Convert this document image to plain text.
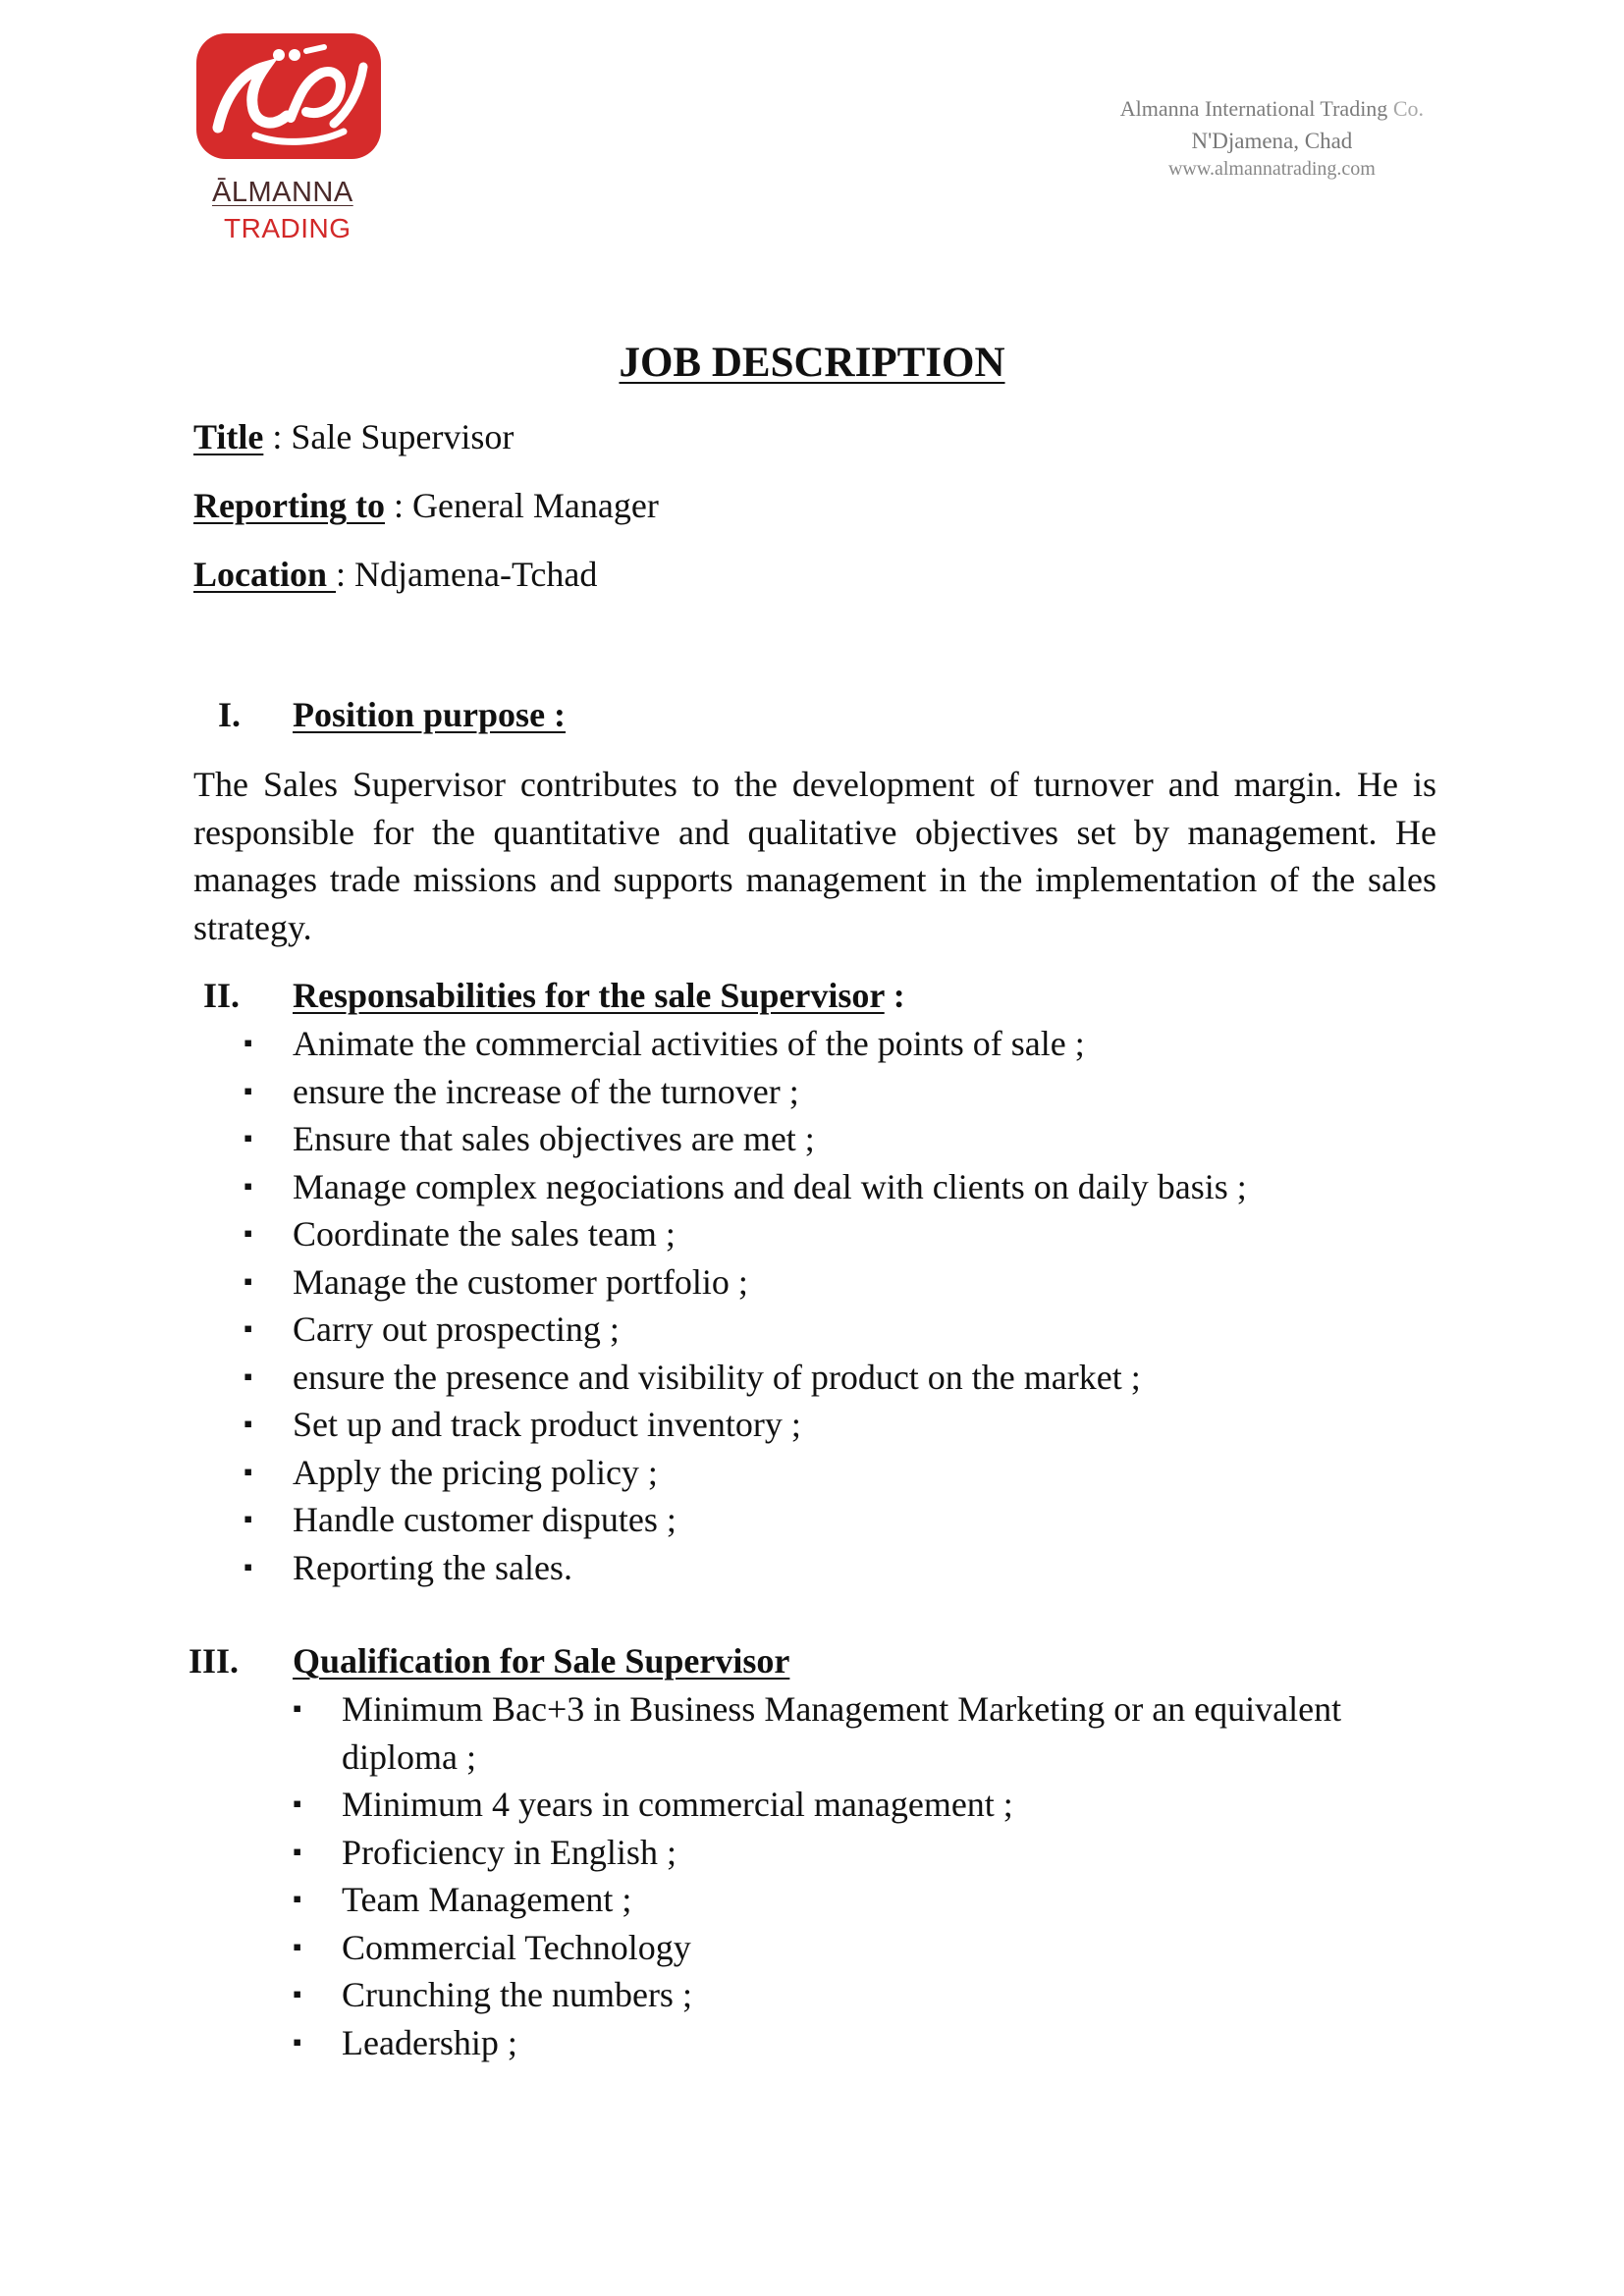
ĀLMANNA
TRADING
Almanna International Trading Co.
N'Djamena, Chad
www.almannatrading.com
JOB DESCRIPTION
Title : Sale Supervisor
Reporting to : General Manager
Location : Ndjamena-Tchad
I. Position purpose :
The Sales Supervisor contributes to the development of turnover and margin. He is responsible for the quantitative and qualitative objectives set by management. He manages trade missions and supports management in the implementation of the sales strategy.
II. Responsabilities for the sale Supervisor :
▪ Animate the commercial activities of the points of sale ;
▪ ensure the increase of the turnover ;
▪ Ensure that sales objectives are met ;
▪ Manage complex negociations and deal with clients on daily basis ;
▪ Coordinate the sales team ;
▪ Manage the customer portfolio ;
▪ Carry out prospecting ;
▪ ensure the presence and visibility of product on the market ;
▪ Set up and track product inventory ;
▪ Apply the pricing policy ;
▪ Handle customer disputes ;
▪ Reporting the sales.
III. Qualification for Sale Supervisor
▪ Minimum Bac+3 in Business Management Marketing or an equivalent diploma ;
▪ Minimum 4 years in commercial management ;
▪ Proficiency in English ;
▪ Team Management ;
▪ Commercial Technology
▪ Crunching the numbers ;
▪ Leadership ;
